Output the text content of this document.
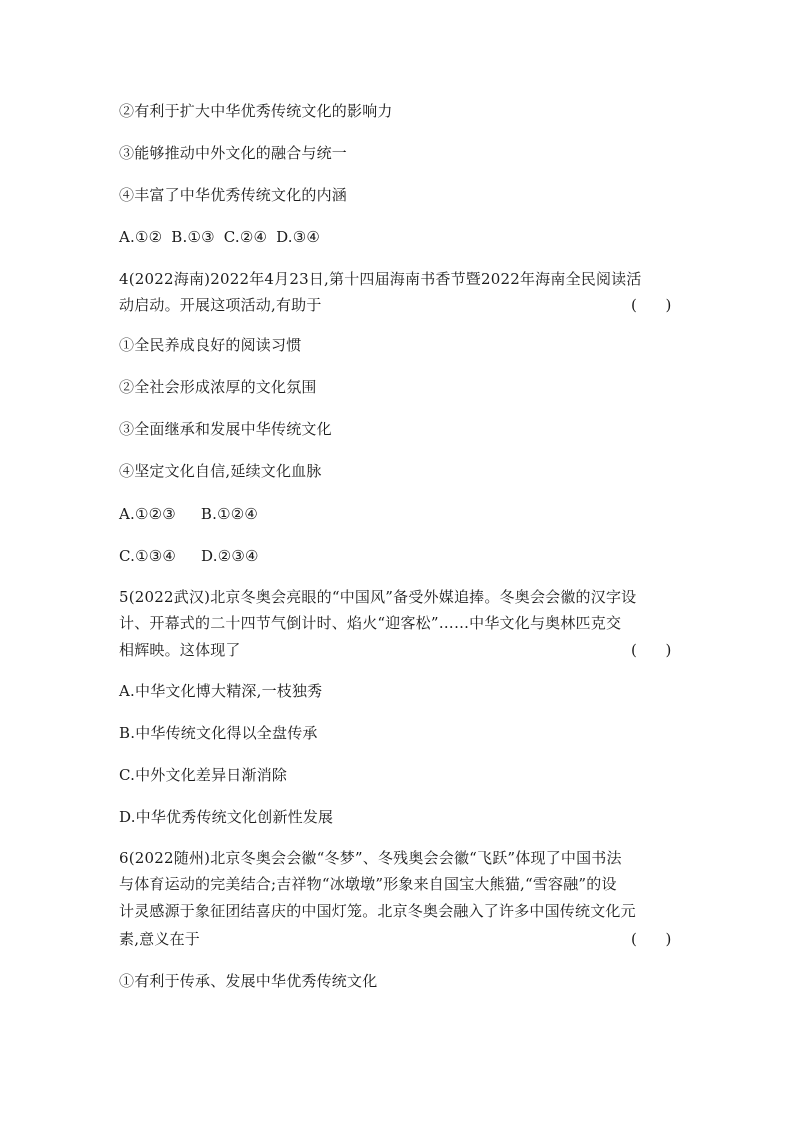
②有利于扩大中华优秀传统文化的影响力
③能够推动中外文化的融合与统一
④丰富了中华优秀传统文化的内涵
A.①② B.①③ C.②④ D.③④
4(2022海南)2022年4月23日,第十四届海南书香节暨2022年海南全民阅读活
动启动。开展这项活动,有助于	(      )
①全民养成良好的阅读习惯
②全社会形成浓厚的文化氛围
③全面继承和发展中华传统文化
④坚定文化自信,延续文化血脉
A.①②③ B.①②④
C.①③④ D.②③④
5(2022武汉)北京冬奥会亮眼的“中国风”备受外媒追捧。冬奥会会徽的汉字设
计、开幕式的二十四节气倒计时、焰火“迎客松”……中华文化与奥林匹克交
相辉映。这体现了	(      )
A.中华文化博大精深,一枝独秀
B.中华传统文化得以全盘传承
C.中外文化差异日渐消除
D.中华优秀传统文化创新性发展
6(2022随州)北京冬奥会会徽“冬梦”、冬残奥会会徽“飞跃”体现了中国书法
与体育运动的完美结合;吉祥物“冰墩墩”形象来自国宝大熊猫,“雪容融”的设
计灵感源于象征团结喜庆的中国灯笼。北京冬奥会融入了许多中国传统文化元
素,意义在于	(      )
①有利于传承、发展中华优秀传统文化
